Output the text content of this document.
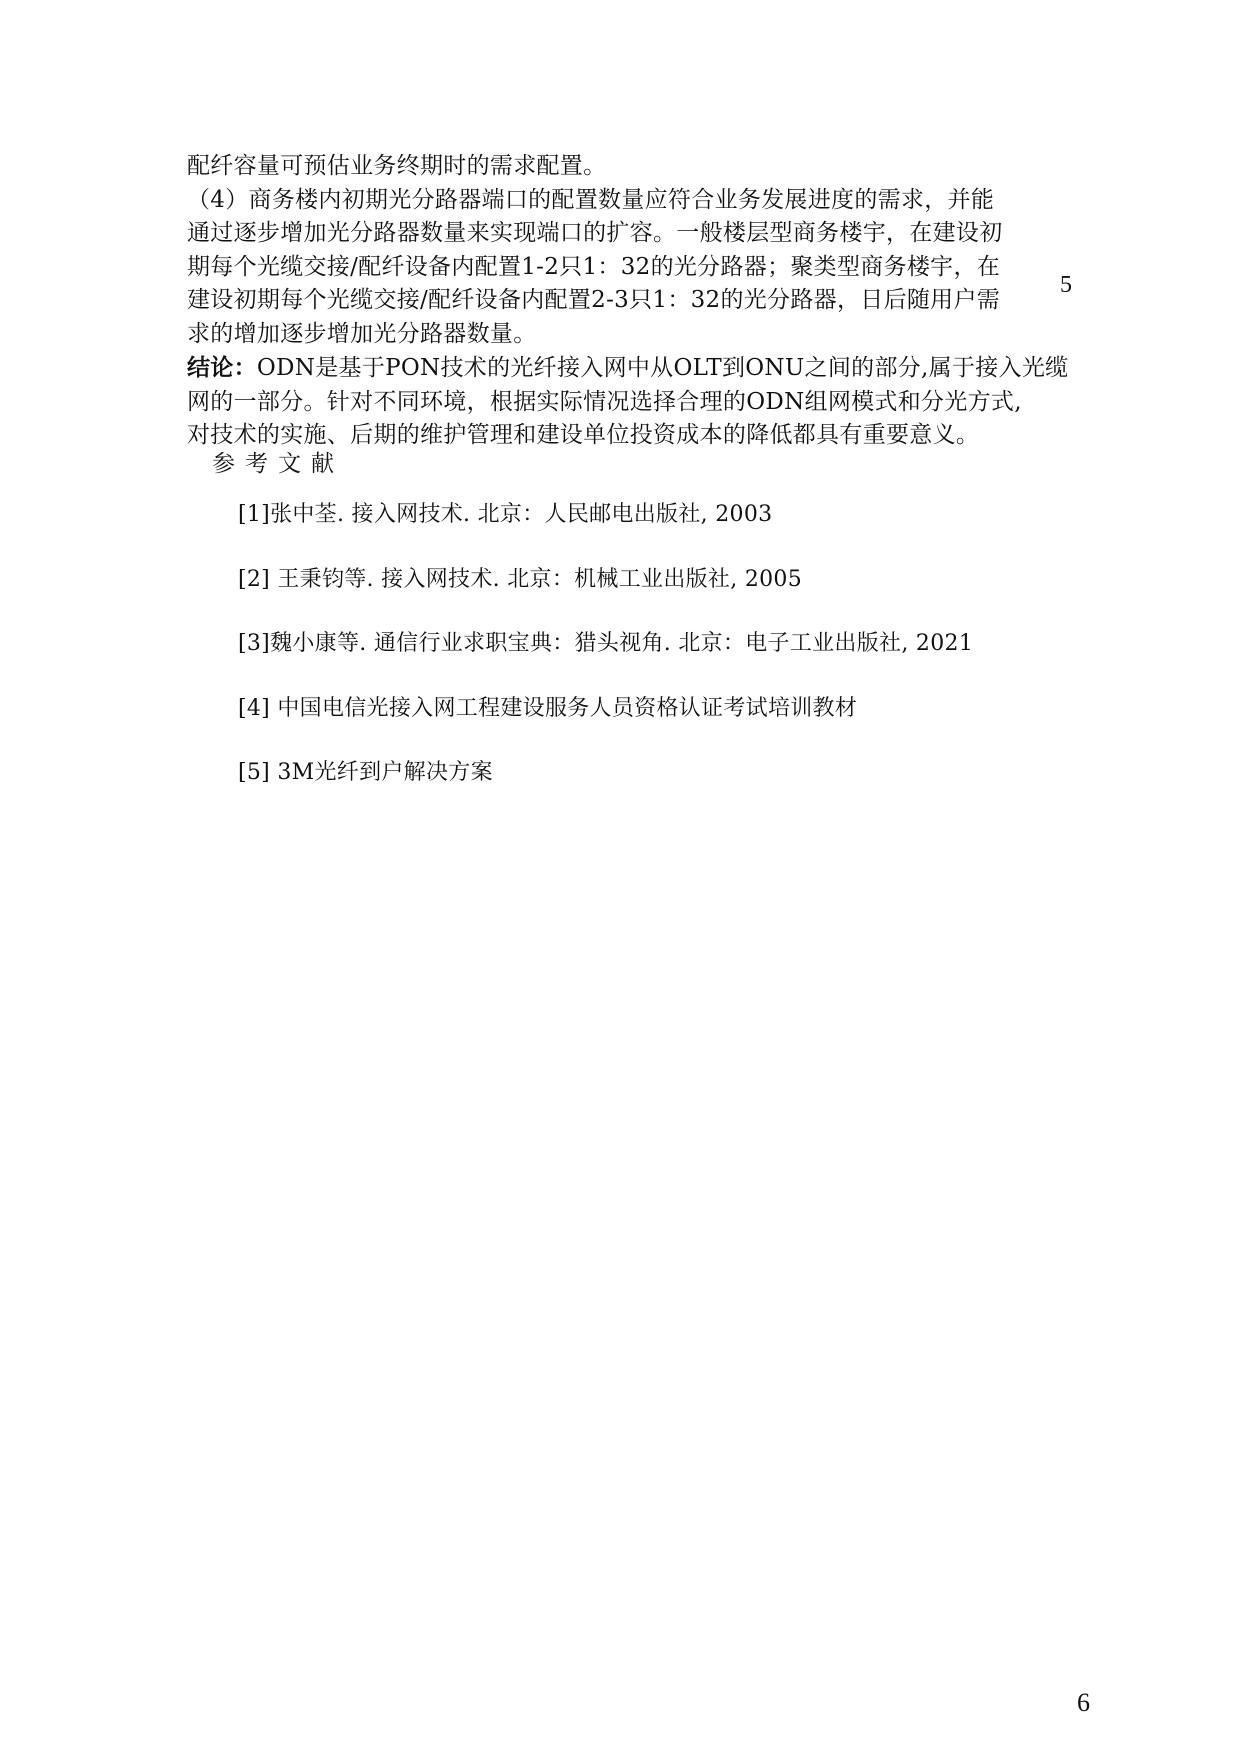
配纤容量可预估业务终期时的需求配置。

（4）商务楼内初期光分路器端口的配置数量应符合业务发展进度的需求，并能

通过逐步增加光分路器数量来实现端口的扩容。一般楼层型商务楼宇，在建设初

期每个光缆交接/配纤设备内配置1-2只1：32的光分路器；聚类型商务楼宇，在

建设初期每个光缆交接/配纤设备内配置2-3只1：32的光分路器，日后随用户需

求的增加逐步增加光分路器数量。

结论：ODN是基于PON技术的光纤接入网中从OLT到ONU之间的部分,属于接入光缆

网的一部分。针对不同环境，根据实际情况选择合理的ODN组网模式和分光方式,

对技术的实施、后期的维护管理和建设单位投资成本的降低都具有重要意义。

5
参考文献
[1]张中荃. 接入网技术. 北京：人民邮电出版社, 2003
[2] 王秉钧等. 接入网技术. 北京：机械工业出版社, 2005
[3]魏小康等. 通信行业求职宝典：猎头视角. 北京：电子工业出版社, 2021
[4] 中国电信光接入网工程建设服务人员资格认证考试培训教材
[5] 3M光纤到户解决方案
6
